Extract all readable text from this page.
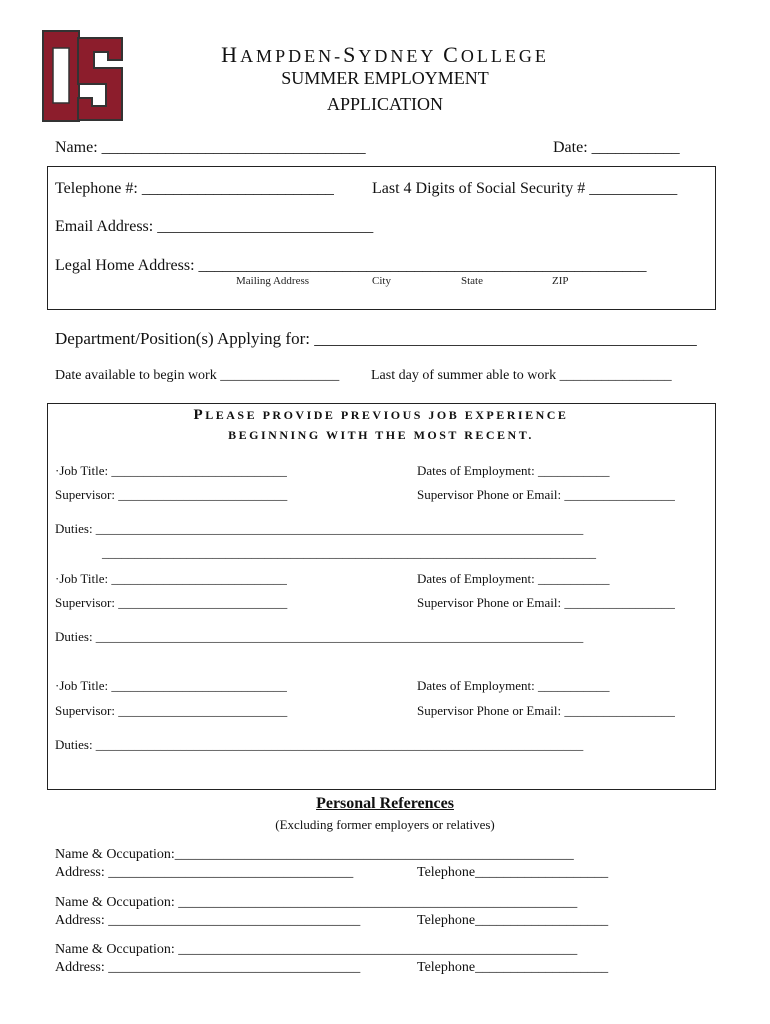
HAMPDEN-SYDNEY COLLEGE
SUMMER EMPLOYMENT
APPLICATION
Name: _________________________________	Date: ___________
Telephone #: ________________________ Last 4 Digits of Social Security # ___________
Email Address: ___________________________
Legal Home Address: ________________________________________________________
Mailing Address	City	State	ZIP
Department/Position(s) Applying for: _____________________________________________
Date available to begin work _________________ Last day of summer able to work ________________
PLEASE PROVIDE PREVIOUS JOB EXPERIENCE
BEGINNING WITH THE MOST RECENT.
·Job Title: ___________________________	Dates of Employment: ___________
Supervisor: __________________________	Supervisor Phone or Email: _________________
Duties: ___________________________________________________________________________
____________________________________________________________________________
·Job Title: ___________________________	Dates of Employment: ___________
Supervisor: __________________________	Supervisor Phone or Email: _________________
Duties: ___________________________________________________________________________
·Job Title: ___________________________	Dates of Employment: ___________
Supervisor: __________________________	Supervisor Phone or Email: _________________
Duties: ___________________________________________________________________________
Personal References
(Excluding former employers or relatives)
Name & Occupation:_________________________________________________________
Address: ___________________________________	Telephone___________________
Name & Occupation: _________________________________________________________
Address: ____________________________________	Telephone___________________
Name & Occupation: _________________________________________________________
Address: ____________________________________	Telephone___________________
